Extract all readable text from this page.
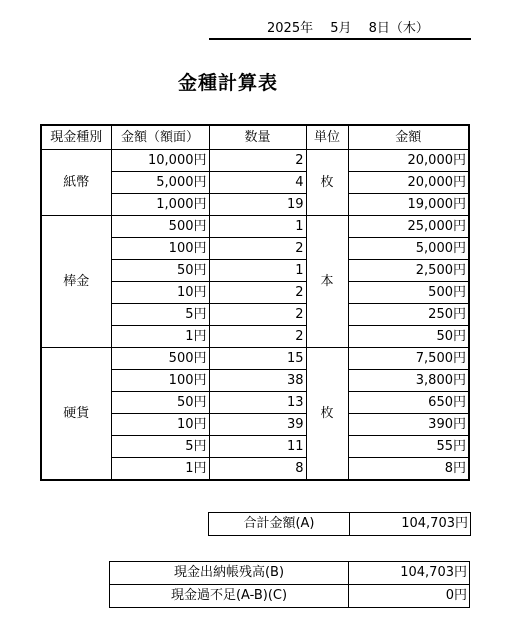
2025年　 5月　 8日（木）
金種計算表
現金種別	金額（額面）	数量	単位	金額
紙幣	10,000円	2	枚	20,000円
	5,000円	4		20,000円
	1,000円	19		19,000円
棒金	500円	1	本	25,000円
	100円	2		5,000円
	50円	1		2,500円
	10円	2		500円
	5円	2		250円
	1円	2		50円
硬貨	500円	15	枚	7,500円
	100円	38		3,800円
	50円	13		650円
	10円	39		390円
	5円	11		55円
	1円	8		8円
合計金額(A)	104,703円
現金出納帳残高(B)	104,703円
現金過不足(A-B)(C)	0円
